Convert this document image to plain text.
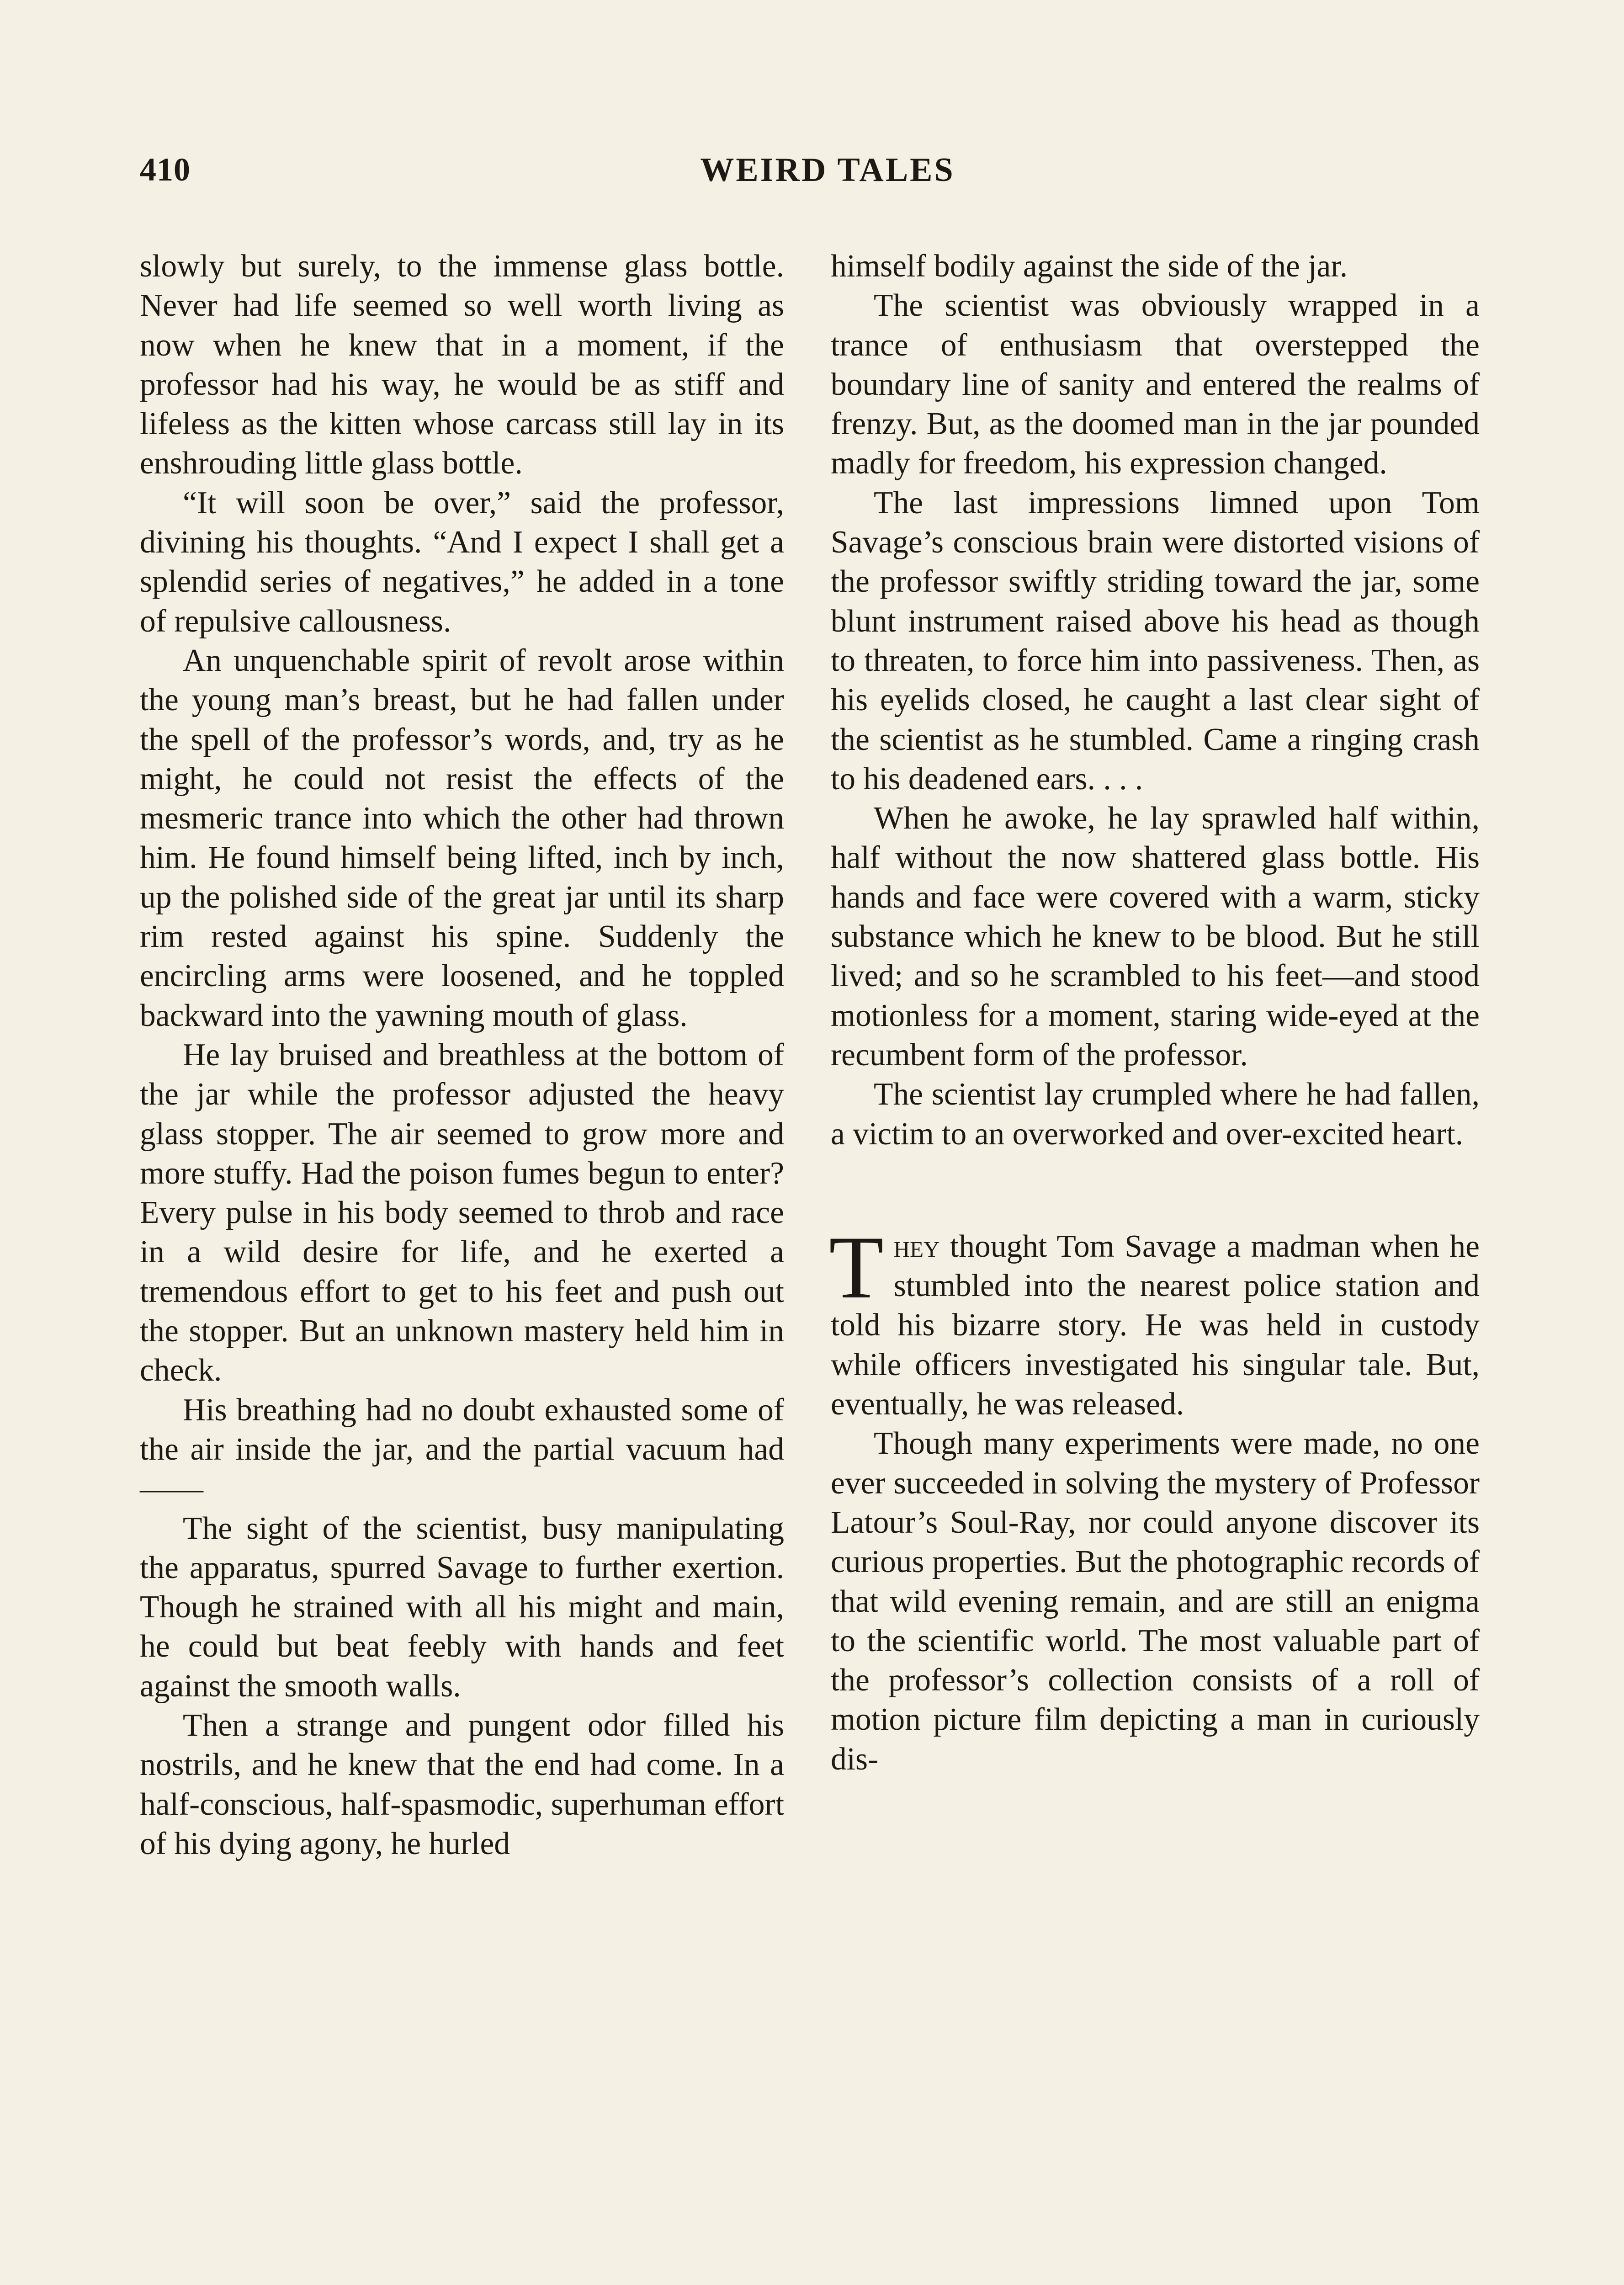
410	WEIRD TALES

slowly but surely, to the immense glass bottle. Never had life seemed so well worth living as now when he knew that in a moment, if the professor had his way, he would be as stiff and lifeless as the kitten whose carcass still lay in its enshrouding little glass bottle.

“It will soon be over,” said the professor, divining his thoughts. “And I expect I shall get a splendid series of negatives,” he added in a tone of repulsive callousness.

An unquenchable spirit of revolt arose within the young man’s breast, but he had fallen under the spell of the professor’s words, and, try as he might, he could not resist the effects of the mesmeric trance into which the other had thrown him. He found himself being lifted, inch by inch, up the polished side of the great jar until its sharp rim rested against his spine. Suddenly the encircling arms were loosened, and he toppled backward into the yawning mouth of glass.

He lay bruised and breathless at the bottom of the jar while the professor adjusted the heavy glass stopper. The air seemed to grow more and more stuffy. Had the poison fumes begun to enter? Every pulse in his body seemed to throb and race in a wild desire for life, and he exerted a tremendous effort to get to his feet and push out the stopper. But an unknown mastery held him in check.

His breathing had no doubt exhausted some of the air inside the jar, and the partial vacuum had——

The sight of the scientist, busy manipulating the apparatus, spurred Savage to further exertion. Though he strained with all his might and main, he could but beat feebly with hands and feet against the smooth walls.

Then a strange and pungent odor filled his nostrils, and he knew that the end had come. In a half-conscious, half-spasmodic, superhuman effort of his dying agony, he hurled

himself bodily against the side of the jar.

The scientist was obviously wrapped in a trance of enthusiasm that overstepped the boundary line of sanity and entered the realms of frenzy. But, as the doomed man in the jar pounded madly for freedom, his expression changed.

The last impressions limned upon Tom Savage’s conscious brain were distorted visions of the professor swiftly striding toward the jar, some blunt instrument raised above his head as though to threaten, to force him into passiveness. Then, as his eyelids closed, he caught a last clear sight of the scientist as he stumbled. Came a ringing crash to his deadened ears. . . .

When he awoke, he lay sprawled half within, half without the now shattered glass bottle. His hands and face were covered with a warm, sticky substance which he knew to be blood. But he still lived; and so he scrambled to his feet—and stood motionless for a moment, staring wide-eyed at the recumbent form of the professor.

The scientist lay crumpled where he had fallen, a victim to an overworked and over-excited heart.

They thought Tom Savage a madman when he stumbled into the nearest police station and told his bizarre story. He was held in custody while officers investigated his singular tale. But, eventually, he was released.

Though many experiments were made, no one ever succeeded in solving the mystery of Professor Latour’s Soul-Ray, nor could anyone discover its curious properties. But the photographic records of that wild evening remain, and are still an enigma to the scientific world. The most valuable part of the professor’s collection consists of a roll of motion picture film depicting a man in curiously dis-
